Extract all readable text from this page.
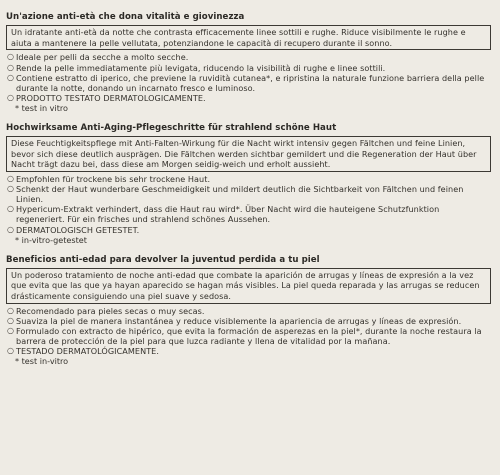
Un'azione anti-età che dona vitalità e giovinezza
Un idratante anti-età da notte che contrasta efficacemente linee sottili e rughe. Riduce visibilmente le rughe e aiuta a mantenere la pelle vellutata, potenziandone le capacità di recupero durante il sonno.
○ Ideale per pelli da secche a molto secche.
○ Rende la pelle immediatamente più levigata, riducendo la visibilità di rughe e linee sottili.
○ Contiene estratto di iperico, che previene la ruvidità cutanea*, e ripristina la naturale funzione barriera della pelle durante la notte, donando un incarnato fresco e luminoso.
○ PRODOTTO TESTATO DERMATOLOGICAMENTE.
* test in vitro
Hochwirksame Anti-Aging-Pflegeschritte für strahlend schöne Haut
Diese Feuchtigkeitspflege mit Anti-Falten-Wirkung für die Nacht wirkt intensiv gegen Fältchen und feine Linien, bevor sich diese deutlich ausprägen. Die Fältchen werden sichtbar gemildert und die Regeneration der Haut über Nacht trägt dazu bei, dass diese am Morgen seidig-weich und erholt aussieht.
○ Empfohlen für trockene bis sehr trockene Haut.
○ Schenkt der Haut wunderbare Geschmeidigkeit und mildert deutlich die Sichtbarkeit von Fältchen und feinen Linien.
○ Hypericum-Extrakt verhindert, dass die Haut rau wird*. Über Nacht wird die hauteigene Schutzfunktion regeneriert. Für ein frisches und strahlend schönes Aussehen.
○ DERMATOLOGISCH GETESTET.
* in-vitro-getestet
Beneficios anti-edad para devolver la juventud perdida a tu piel
Un poderoso tratamiento de noche anti-edad que combate la aparición de arrugas y líneas de expresión a la vez que evita que las que ya hayan aparecido se hagan más visibles. La piel queda reparada y las arrugas se reducen drásticamente consiguiendo una piel suave y sedosa.
○ Recomendado para pieles secas o muy secas.
○ Suaviza la piel de manera instantánea y reduce visiblemente la apariencia de arrugas y líneas de expresión.
○ Formulado con extracto de hipérico, que evita la formación de asperezas en la piel*, durante la noche restaura la barrera de protección de la piel para que luzca radiante y llena de vitalidad por la mañana.
○ TESTADO DERMATOLÓGICAMENTE.
* test in-vitro
